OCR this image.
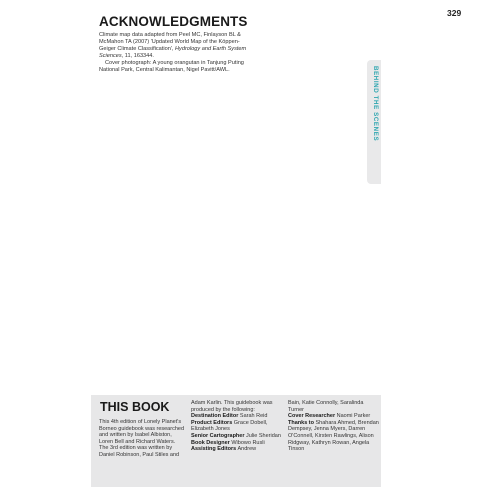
329
ACKNOWLEDGMENTS

Climate map data adapted from Peel MC, Finlayson BL & McMahon TA (2007) 'Updated World Map of the Köppen-Geiger Climate Classification', Hydrology and Earth System Sciences, 11, 163344.

Cover photograph: A young orangutan in Tanjung Puting National Park, Central Kalimantan, Nigel Pavitt/AWL.	BEHIND THE SCENES
THIS BOOK

This 4th edition of Lonely Planet's Borneo guidebook was researched and written by Isabel Albiston, Loren Bell and Richard Waters. The 3rd edition was written by Daniel Robinson, Paul Stiles and

Adam Karlin. This guidebook was produced by the following:

Destination Editor Sarah Reid

Product Editors Grace Dobell, Elizabeth Jones

Senior Cartographer Julie Sheridan

Book Designer Wibowo Rusli

Assisting Editors Andrew

Bain, Katie Connolly, Saralinda Turner

Cover Researcher Naomi Parker

Thanks to Shahara Ahmed, Brendan Dempsey, Jenna Myers, Darren O'Connell, Kirsten Rawlings, Alison Ridgway, Kathryn Rowan, Angela Tinson
